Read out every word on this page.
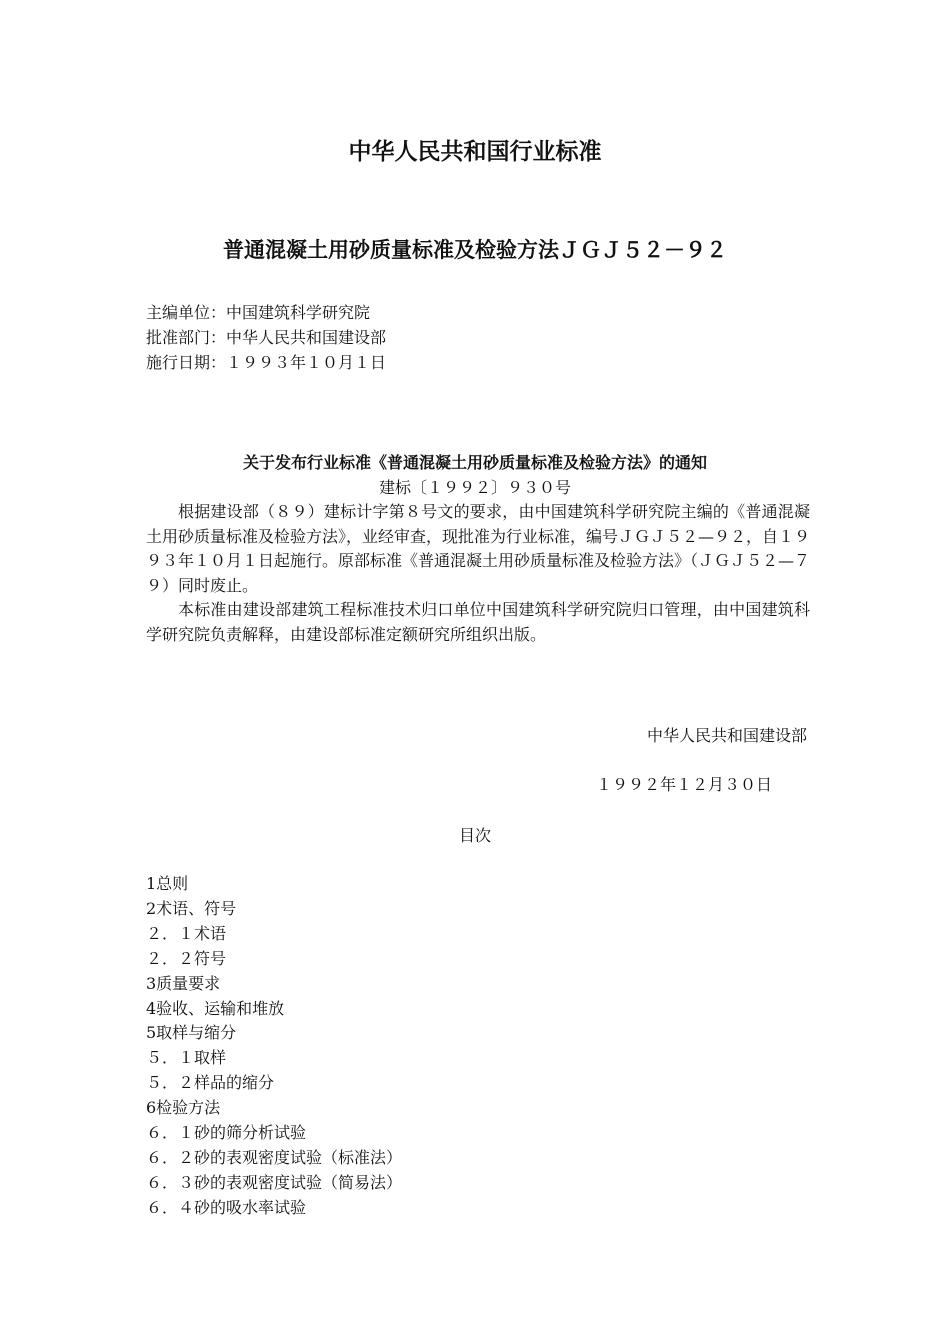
中华人民共和国行业标准
普通混凝土用砂质量标准及检验方法ＪＧＪ５２－９２
主编单位：中国建筑科学研究院
批准部门：中华人民共和国建设部
施行日期：１９９３年１０月１日
关于发布行业标准《普通混凝土用砂质量标准及检验方法》的通知
建标〔１９９２〕９３０号

根据建设部（８９）建标计字第８号文的要求，由中国建筑科学研究院主编的《普通混凝土用砂质量标准及检验方法》，业经审查，现批准为行业标准，编号ＪＧＪ５２—９２，自１９９３年１０月１日起施行。原部标准《普通混凝土用砂质量标准及检验方法》（ＪＧＪ５２—７９）同时废止。

本标准由建设部建筑工程标准技术归口单位中国建筑科学研究院归口管理，由中国建筑科学研究院负责解释，由建设部标准定额研究所组织出版。

中华人民共和国建设部
１９９２年１２月３０日
目次
1总则
2术语、符号
２．１术语
２．２符号
3质量要求
4验收、运输和堆放
5取样与缩分
５．１取样
５．２样品的缩分
6检验方法
６．１砂的筛分析试验
６．２砂的表观密度试验（标准法）
６．３砂的表观密度试验（简易法）
６．４砂的吸水率试验
